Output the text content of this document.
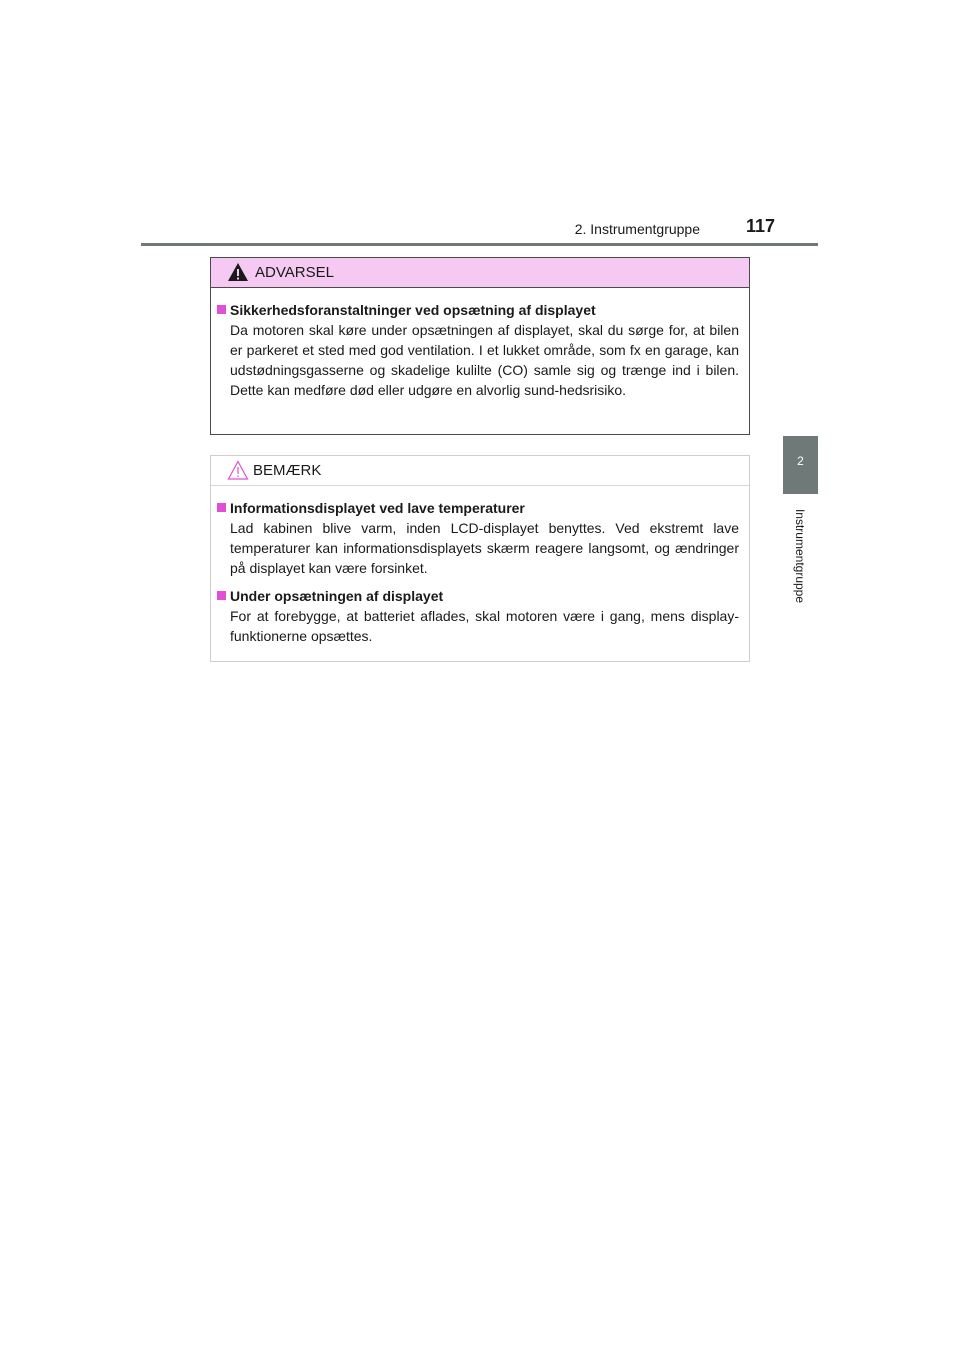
2. Instrumentgruppe	117
2
Instrumentgruppe
ADVARSEL
Sikkerhedsforanstaltninger ved opsætning af displayet
Da motoren skal køre under opsætningen af displayet, skal du sørge for, at bilen er parkeret et sted med god ventilation. I et lukket område, som fx en garage, kan udstødningsgasserne og skadelige kulilte (CO) samle sig og trænge ind i bilen. Dette kan medføre død eller udgøre en alvorlig sund-hedsrisiko.
BEMÆRK
Informationsdisplayet ved lave temperaturer
Lad kabinen blive varm, inden LCD-displayet benyttes. Ved ekstremt lave temperaturer kan informationsdisplayets skærm reagere langsomt, og ændringer på displayet kan være forsinket.
Under opsætningen af displayet
For at forebygge, at batteriet aflades, skal motoren være i gang, mens display-funktionerne opsættes.
